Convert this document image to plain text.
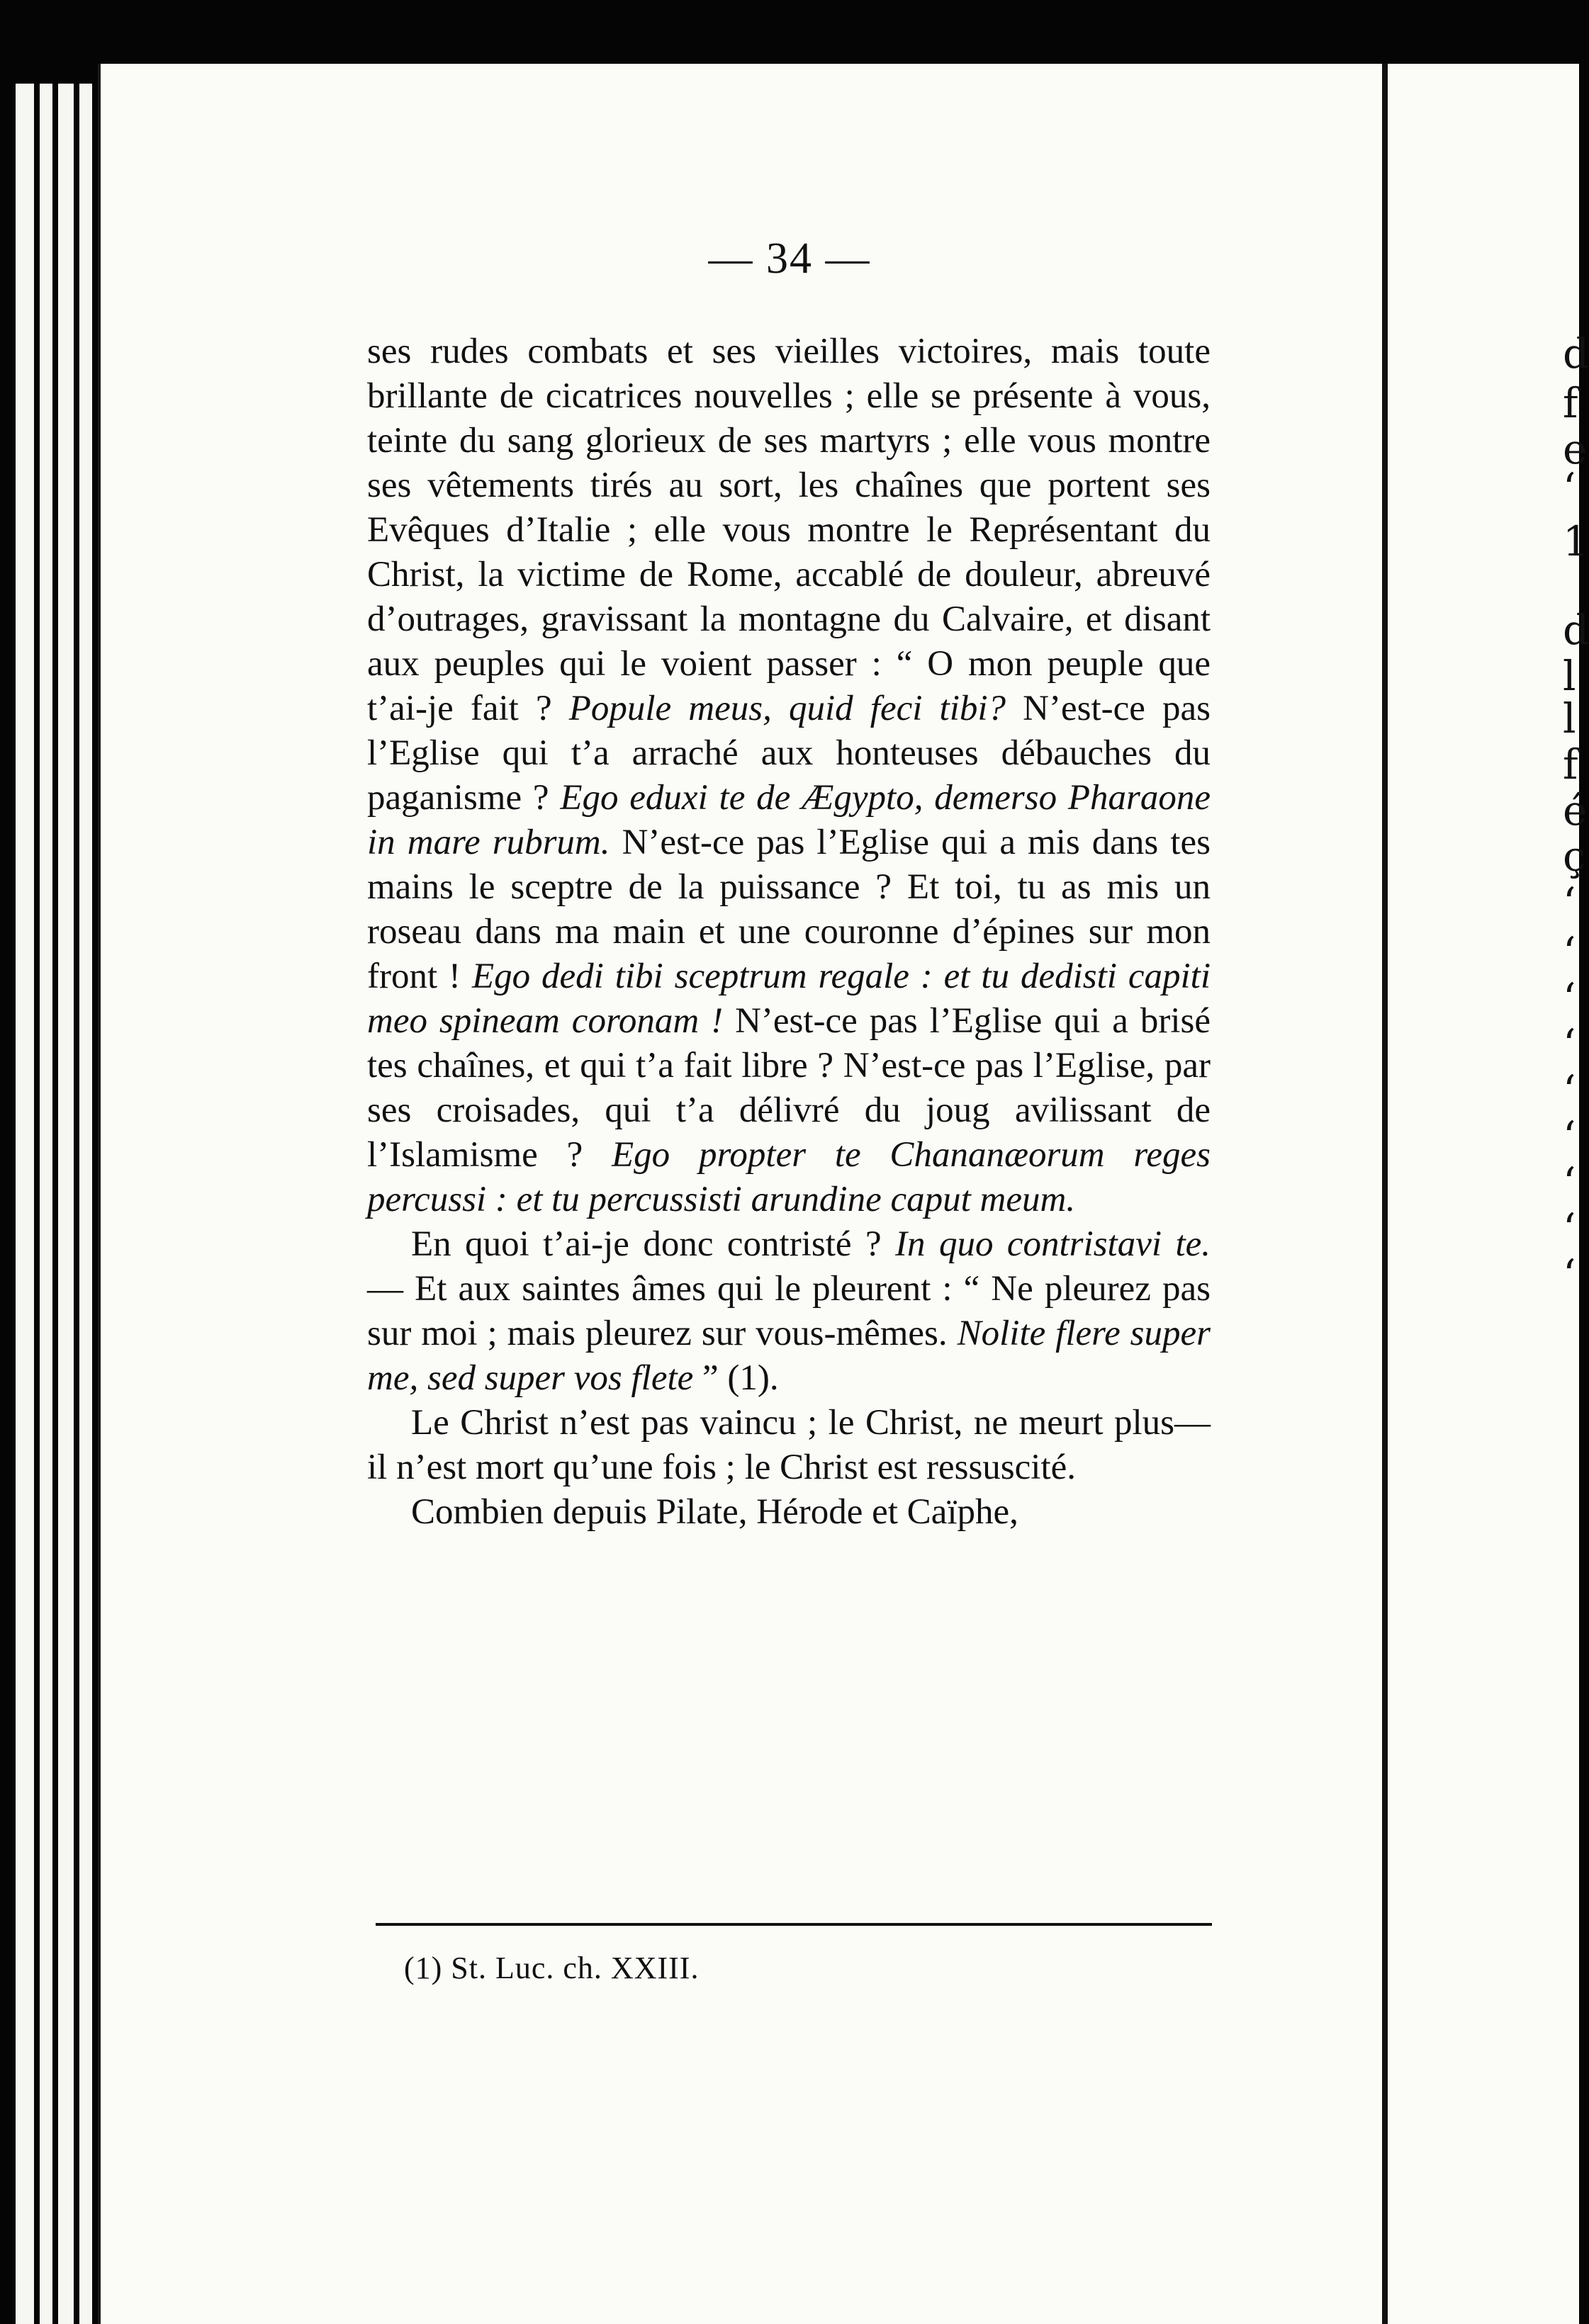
— 34 —

ses rudes combats et ses vieilles victoires, mais toute brillante de cicatrices nouvelles ; elle se présente à vous, teinte du sang glorieux de ses martyrs ; elle vous montre ses vêtements tirés au sort, les chaînes que portent ses Evêques d’Italie ; elle vous montre le Représentant du Christ, la victime de Rome, accablé de douleur, abreuvé d’outrages, gravissant la montagne du Calvaire, et disant aux peuples qui le voient passer : “ O mon peuple que t’ai-je fait ? Popule meus, quid feci tibi? N’est-ce pas l’Eglise qui t’a arraché aux honteuses débauches du paganisme ? Ego eduxi te de Ægypto, demerso Pharaone in mare rubrum. N’est-ce pas l’Eglise qui a mis dans tes mains le sceptre de la puissance ? Et toi, tu as mis un roseau dans ma main et une couronne d’épines sur mon front ! Ego dedi tibi sceptrum regale : et tu dedisti capiti meo spineam coronam ! N’est-ce pas l’Eglise qui a brisé tes chaînes, et qui t’a fait libre ? N’est-ce pas l’Eglise, par ses croisades, qui t’a délivré du joug avilissant de l’Islamisme ? Ego propter te Chananæorum reges percussi : et tu percussisti arundine caput meum.

En quoi t’ai-je donc contristé ? In quo contristavi te. — Et aux saintes âmes qui le pleurent : “ Ne pleurez pas sur moi ; mais pleurez sur vous-mêmes. Nolite flere super me, sed super vos flete ” (1).

Le Christ n’est pas vaincu ; le Christ, ne meurt plus—il n’est mort qu’une fois ; le Christ est ressuscité.

Combien depuis Pilate, Hérode et Caïphe,

(1) St. Luc. ch. XXIII.
d
f
e
‘
1
d
l
l
f
é
ç
‘
‘
‘
‘
‘
‘
‘
‘
‘
